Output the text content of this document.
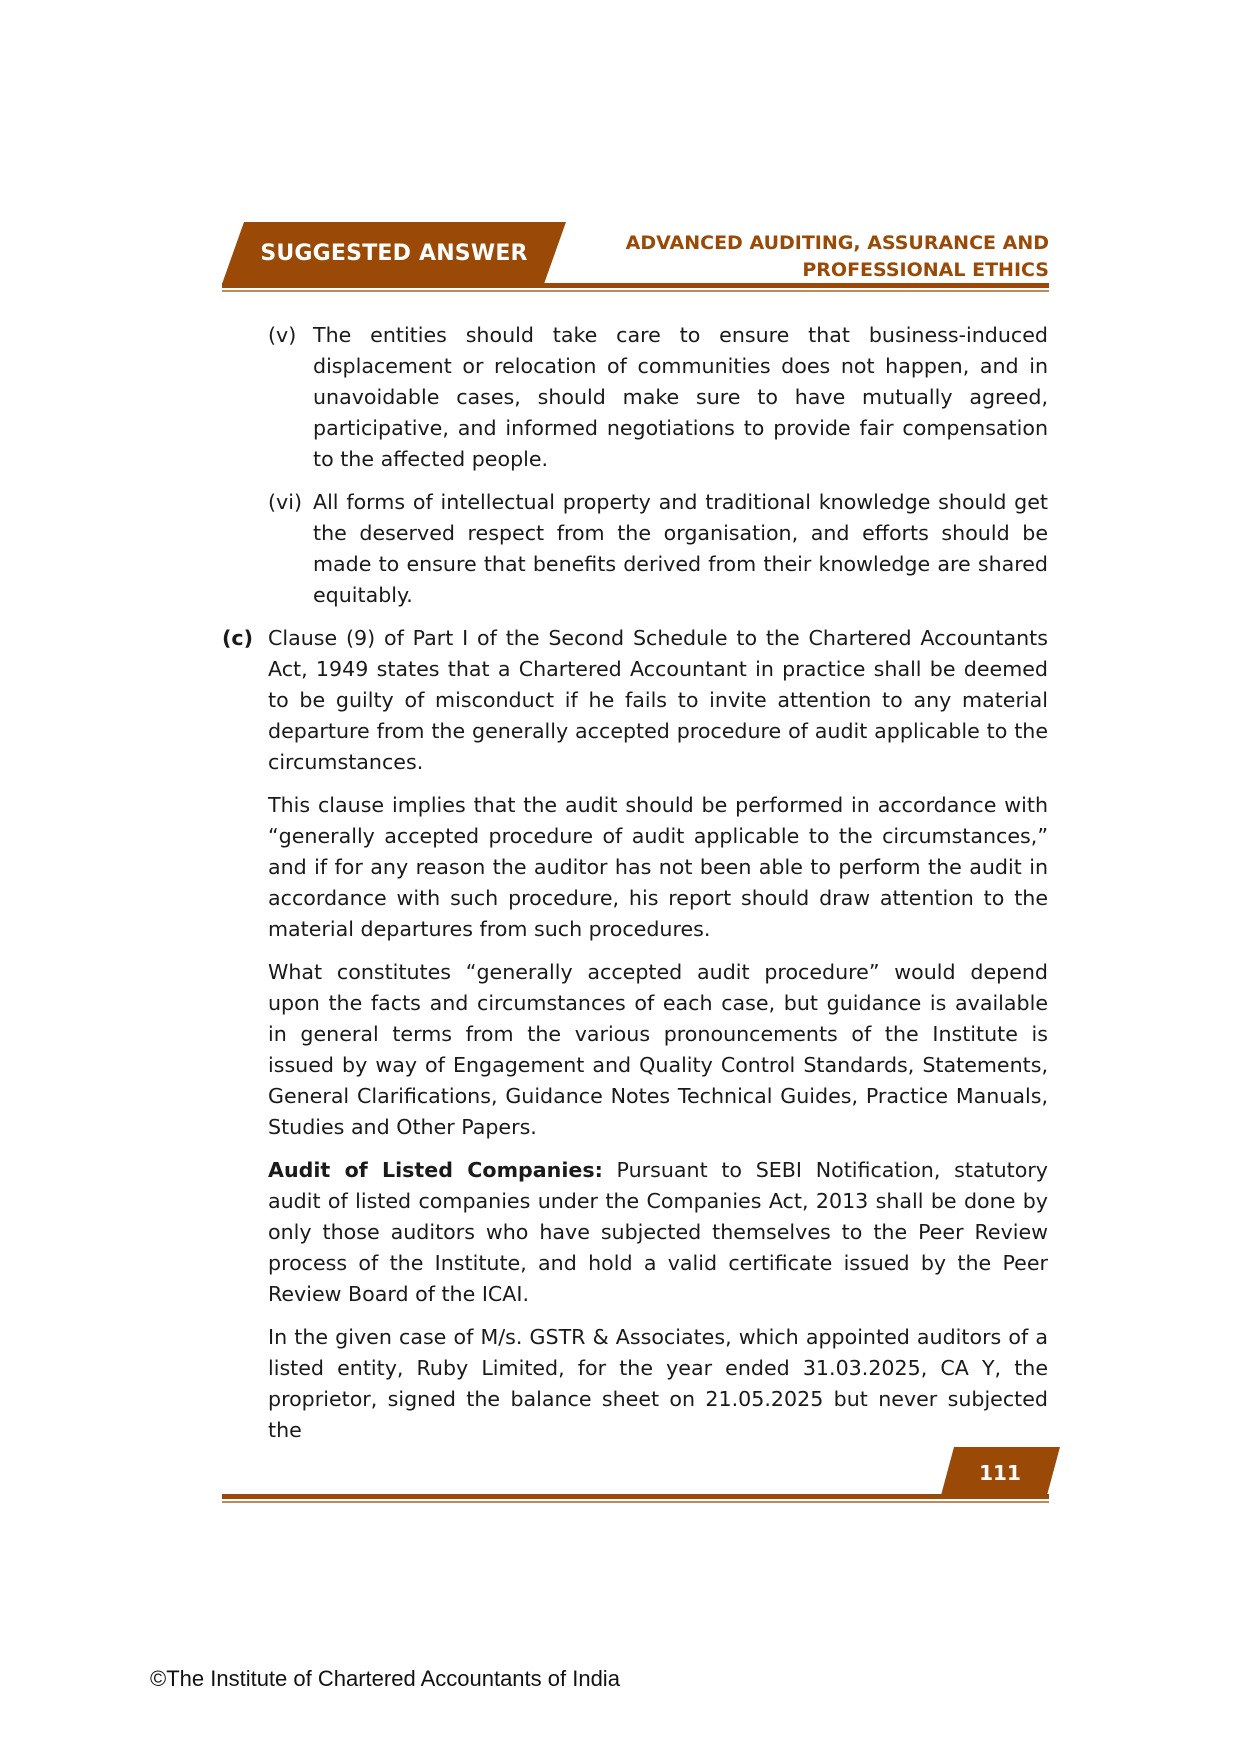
SUGGESTED ANSWER	ADVANCED AUDITING, ASSURANCE AND
PROFESSIONAL ETHICS
(v) The entities should take care to ensure that business-induced displacement or relocation of communities does not happen, and in unavoidable cases, should make sure to have mutually agreed, participative, and informed negotiations to provide fair compensation to the affected people.
(vi) All forms of intellectual property and traditional knowledge should get the deserved respect from the organisation, and efforts should be made to ensure that benefits derived from their knowledge are shared equitably.
(c) Clause (9) of Part I of the Second Schedule to the Chartered Accountants Act, 1949 states that a Chartered Accountant in practice shall be deemed to be guilty of misconduct if he fails to invite attention to any material departure from the generally accepted procedure of audit applicable to the circumstances.
This clause implies that the audit should be performed in accordance with “generally accepted procedure of audit applicable to the circumstances,” and if for any reason the auditor has not been able to perform the audit in accordance with such procedure, his report should draw attention to the material departures from such procedures.
What constitutes “generally accepted audit procedure” would depend upon the facts and circumstances of each case, but guidance is available in general terms from the various pronouncements of the Institute is issued by way of Engagement and Quality Control Standards, Statements, General Clarifications, Guidance Notes Technical Guides, Practice Manuals, Studies and Other Papers.
Audit of Listed Companies: Pursuant to SEBI Notification, statutory audit of listed companies under the Companies Act, 2013 shall be done by only those auditors who have subjected themselves to the Peer Review process of the Institute, and hold a valid certificate issued by the Peer Review Board of the ICAI.
In the given case of M/s. GSTR & Associates, which appointed auditors of a listed entity, Ruby Limited, for the year ended 31.03.2025, CA Y, the proprietor, signed the balance sheet on 21.05.2025 but never subjected the
111
©The Institute of Chartered Accountants of India
